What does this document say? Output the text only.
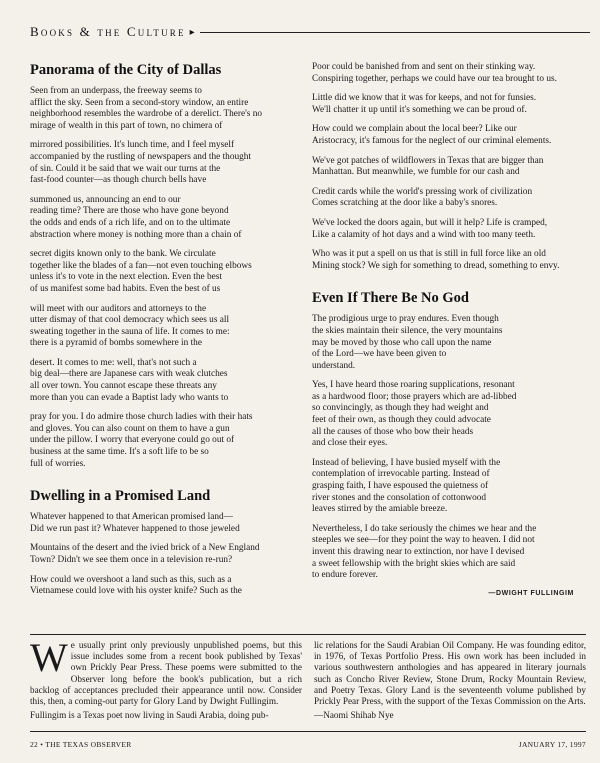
Books & the Culture ▸
Panorama of the City of Dallas

Seen from an underpass, the freeway seems to
afflict the sky. Seen from a second-story window, an entire
neighborhood resembles the wardrobe of a derelict. There's no
mirage of wealth in this part of town, no chimera of

mirrored possibilities. It's lunch time, and I feel myself
accompanied by the rustling of newspapers and the thought
of sin. Could it be said that we wait our turns at the
fast-food counter—as though church bells have

summoned us, announcing an end to our
reading time? There are those who have gone beyond
the odds and ends of a rich life, and on to the ultimate
abstraction where money is nothing more than a chain of

secret digits known only to the bank. We circulate
together like the blades of a fan—not even touching elbows
unless it's to vote in the next election. Even the best
of us manifest some bad habits. Even the best of us

will meet with our auditors and attorneys to the
utter dismay of that cool democracy which sees us all
sweating together in the sauna of life. It comes to me:
there is a pyramid of bombs somewhere in the

desert. It comes to me: well, that's not such a
big deal—there are Japanese cars with weak clutches
all over town. You cannot escape these threats any
more than you can evade a Baptist lady who wants to

pray for you. I do admire those church ladies with their hats
and gloves. You can also count on them to have a gun
under the pillow. I worry that everyone could go out of
business at the same time. It's a soft life to be so
full of worries.

Dwelling in a Promised Land

Whatever happened to that American promised land—
Did we run past it? Whatever happened to those jeweled

Mountains of the desert and the ivied brick of a New England
Town? Didn't we see them once in a television re-run?

How could we overshoot a land such as this, such as a
Vietnamese could love with his oyster knife? Such as the

Poor could be banished from and sent on their stinking way.
Conspiring together, perhaps we could have our tea brought to us.

Little did we know that it was for keeps, and not for funsies.
We'll chatter it up until it's something we can be proud of.

How could we complain about the local beer? Like our
Aristocracy, it's famous for the neglect of our criminal elements.

We've got patches of wildflowers in Texas that are bigger than
Manhattan. But meanwhile, we fumble for our cash and

Credit cards while the world's pressing work of civilization
Comes scratching at the door like a baby's snores.

We've locked the doors again, but will it help? Life is cramped,
Like a calamity of hot days and a wind with too many teeth.

Who was it put a spell on us that is still in full force like an old
Mining stock? We sigh for something to dread, something to envy.

Even If There Be No God

The prodigious urge to pray endures. Even though
the skies maintain their silence, the very mountains
may be moved by those who call upon the name
of the Lord—we have been given to
understand.

Yes, I have heard those roaring supplications, resonant
as a hardwood floor; those prayers which are ad-libbed
so convincingly, as though they had weight and
feet of their own, as though they could advocate
all the causes of those who bow their heads
and close their eyes.

Instead of believing, I have busied myself with the
contemplation of irrevocable parting. Instead of
grasping faith, I have espoused the quietness of
river stones and the consolation of cottonwood
leaves stirred by the amiable breeze.

Nevertheless, I do take seriously the chimes we hear and the
steeples we see—for they point the way to heaven. I did not
invent this drawing near to extinction, nor have I devised
a sweet fellowship with the bright skies which are said
to endure forever.

—DWIGHT FULLINGIM

We usually print only previously unpublished poems, but this issue includes some from a recent book published by Texas' own Prickly Pear Press. These poems were submitted to the Observer long before the book's publication, but a rich backlog of acceptances precluded their appearance until now. Consider this, then, a coming-out party for Glory Land by Dwight Fullingim.

Fullingim is a Texas poet now living in Saudi Arabia, doing pub-

lic relations for the Saudi Arabian Oil Company. He was founding editor, in 1976, of Texas Portfolio Press. His own work has been included in various southwestern anthologies and has appeared in literary journals such as Concho River Review, Stone Drum, Rocky Mountain Review, and Poetry Texas. Glory Land is the seventeenth volume published by Prickly Pear Press, with the support of the Texas Commission on the Arts.

—Naomi Shihab Nye

22 • THE TEXAS OBSERVER	JANUARY 17, 1997
